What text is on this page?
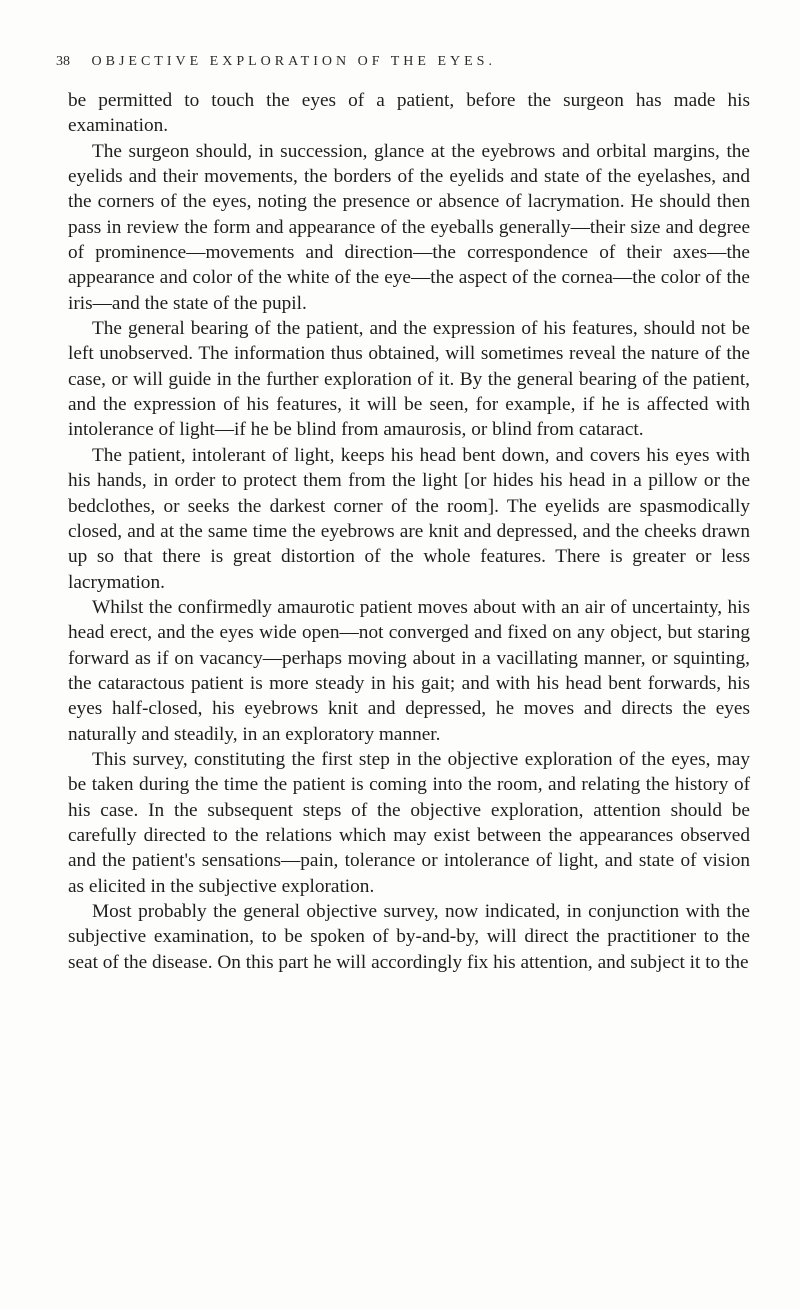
38 OBJECTIVE EXPLORATION OF THE EYES.

be permitted to touch the eyes of a patient, before the surgeon has made his examination.

The surgeon should, in succession, glance at the eyebrows and orbital margins, the eyelids and their movements, the borders of the eyelids and state of the eyelashes, and the corners of the eyes, noting the presence or absence of lacrymation. He should then pass in review the form and appearance of the eyeballs generally—their size and degree of prominence—movements and direction—the correspondence of their axes—the appearance and color of the white of the eye—the aspect of the cornea—the color of the iris—and the state of the pupil.

The general bearing of the patient, and the expression of his features, should not be left unobserved. The information thus obtained, will sometimes reveal the nature of the case, or will guide in the further exploration of it. By the general bearing of the patient, and the expression of his features, it will be seen, for example, if he is affected with intolerance of light—if he be blind from amaurosis, or blind from cataract.

The patient, intolerant of light, keeps his head bent down, and covers his eyes with his hands, in order to protect them from the light [or hides his head in a pillow or the bedclothes, or seeks the darkest corner of the room]. The eyelids are spasmodically closed, and at the same time the eyebrows are knit and depressed, and the cheeks drawn up so that there is great distortion of the whole features. There is greater or less lacrymation.

Whilst the confirmedly amaurotic patient moves about with an air of uncertainty, his head erect, and the eyes wide open—not converged and fixed on any object, but staring forward as if on vacancy—perhaps moving about in a vacillating manner, or squinting, the cataractous patient is more steady in his gait; and with his head bent forwards, his eyes half-closed, his eyebrows knit and depressed, he moves and directs the eyes naturally and steadily, in an exploratory manner.

This survey, constituting the first step in the objective exploration of the eyes, may be taken during the time the patient is coming into the room, and relating the history of his case. In the subsequent steps of the objective exploration, attention should be carefully directed to the relations which may exist between the appearances observed and the patient's sensations—pain, tolerance or intolerance of light, and state of vision as elicited in the subjective exploration.

Most probably the general objective survey, now indicated, in conjunction with the subjective examination, to be spoken of by-and-by, will direct the practitioner to the seat of the disease. On this part he will accordingly fix his attention, and subject it to the
